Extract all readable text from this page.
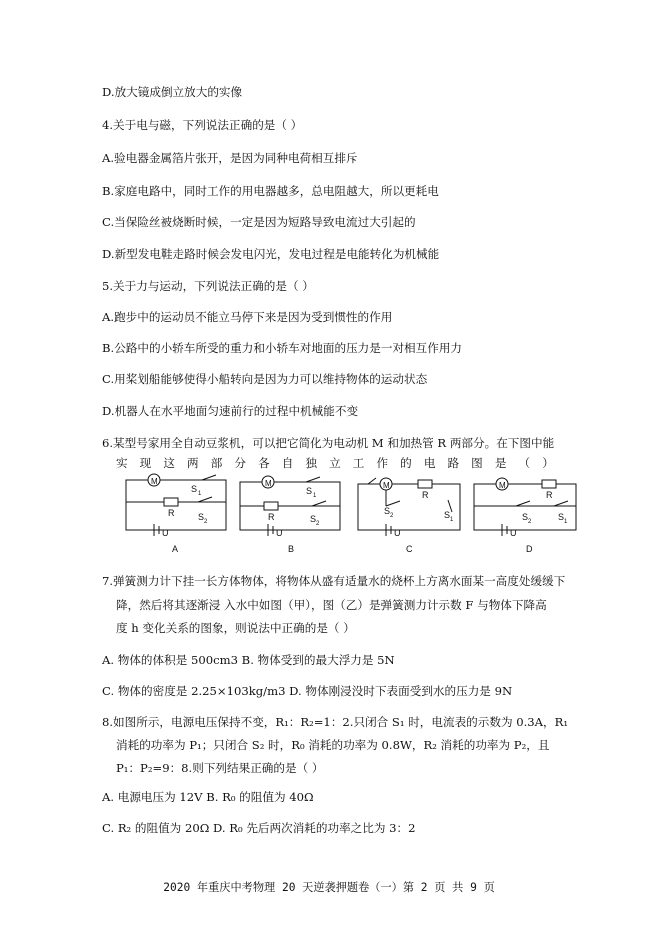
D.放大镜成倒立放大的实像
4.关于电与磁，下列说法正确的是（ ）
A.验电器金属箔片张开，是因为同种电荷相互排斥
B.家庭电路中，同时工作的用电器越多，总电阻越大，所以更耗电
C.当保险丝被烧断时候，一定是因为短路导致电流过大引起的
D.新型发电鞋走路时候会发电闪光，发电过程是电能转化为机械能
5.关于力与运动，下列说法正确的是（ ）
A.跑步中的运动员不能立马停下来是因为受到惯性的作用
B.公路中的小轿车所受的重力和小轿车对地面的压力是一对相互作用力
C.用桨划船能够使得小船转向是因为力可以维持物体的运动状态
D.机器人在水平地面匀速前行的过程中机械能不变
6.某型号家用全自动豆浆机，可以把它简化为电动机 M 和加热管 R 两部分。在下图中能
实 现 这 两 部 分 各 自 独 立 工 作 的 电 路 图 是 （ ）
M
S 1
R	S 2
U
A
M
S 1
R	S 2
U
B
M
R
S 2	S 1
U
C
M
R
S 2	S 1
U
D
7.弹簧测力计下挂一长方体物体，将物体从盛有适量水的烧杯上方离水面某一高度处缓缓下
降，然后将其逐渐浸 入水中如图（甲），图（乙）是弹簧测力计示数 F 与物体下降高
度 h 变化关系的图象，则说法中正确的是（ ）
A. 物体的体积是 500cm3 B. 物体受到的最大浮力是 5N
C. 物体的密度是 2.25×103kg/m3 D. 物体刚浸没时下表面受到水的压力是 9N
8.如图所示，电源电压保持不变，R₁：R₂=1：2.只闭合 S₁ 时，电流表的示数为 0.3A，R₁
消耗的功率为 P₁；只闭合 S₂ 时，R₀ 消耗的功率为 0.8W，R₂ 消耗的功率为 P₂，且
P₁：P₂=9：8.则下列结果正确的是（ ）
A. 电源电压为 12V B. R₀ 的阻值为 40Ω
C. R₂ 的阻值为 20Ω D. R₀ 先后两次消耗的功率之比为 3：2
2020 年重庆中考物理 20 天逆袭押题卷（一）第 2 页 共 9 页
